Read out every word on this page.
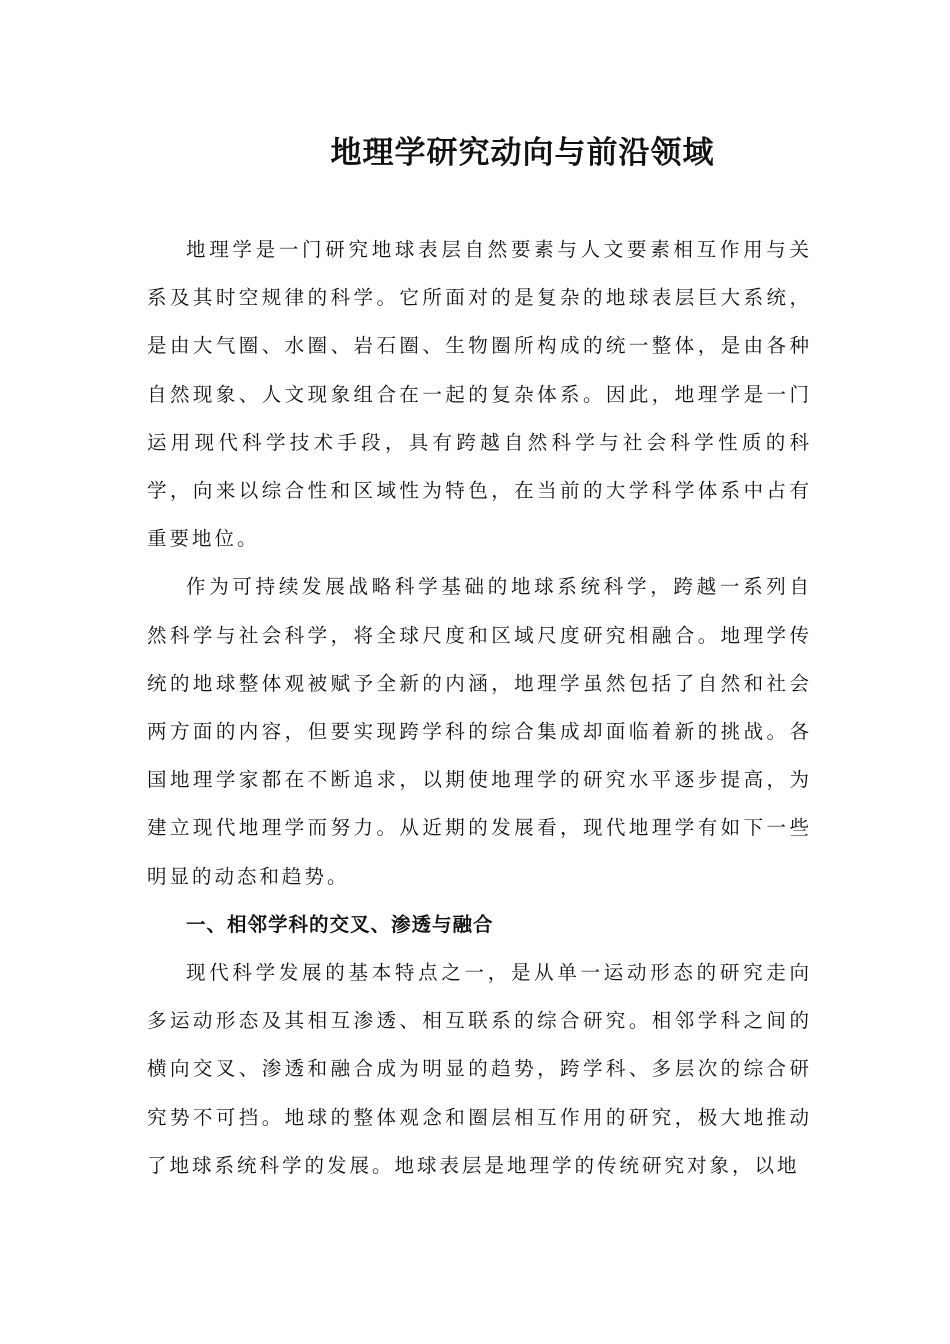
地理学研究动向与前沿领域

地理学是一门研究地球表层自然要素与人文要素相互作用与关系及其时空规律的科学。它所面对的是复杂的地球表层巨大系统，是由大气圈、水圈、岩石圈、生物圈所构成的统一整体，是由各种自然现象、人文现象组合在一起的复杂体系。因此，地理学是一门运用现代科学技术手段，具有跨越自然科学与社会科学性质的科学，向来以综合性和区域性为特色，在当前的大学科学体系中占有重要地位。

作为可持续发展战略科学基础的地球系统科学，跨越一系列自然科学与社会科学，将全球尺度和区域尺度研究相融合。地理学传统的地球整体观被赋予全新的内涵，地理学虽然包括了自然和社会两方面的内容，但要实现跨学科的综合集成却面临着新的挑战。各国地理学家都在不断追求，以期使地理学的研究水平逐步提高，为建立现代地理学而努力。从近期的发展看，现代地理学有如下一些明显的动态和趋势。

一、相邻学科的交叉、渗透与融合

现代科学发展的基本特点之一，是从单一运动形态的研究走向多运动形态及其相互渗透、相互联系的综合研究。相邻学科之间的横向交叉、渗透和融合成为明显的趋势，跨学科、多层次的综合研究势不可挡。地球的整体观念和圈层相互作用的研究，极大地推动了地球系统科学的发展。地球表层是地理学的传统研究对象，以地
